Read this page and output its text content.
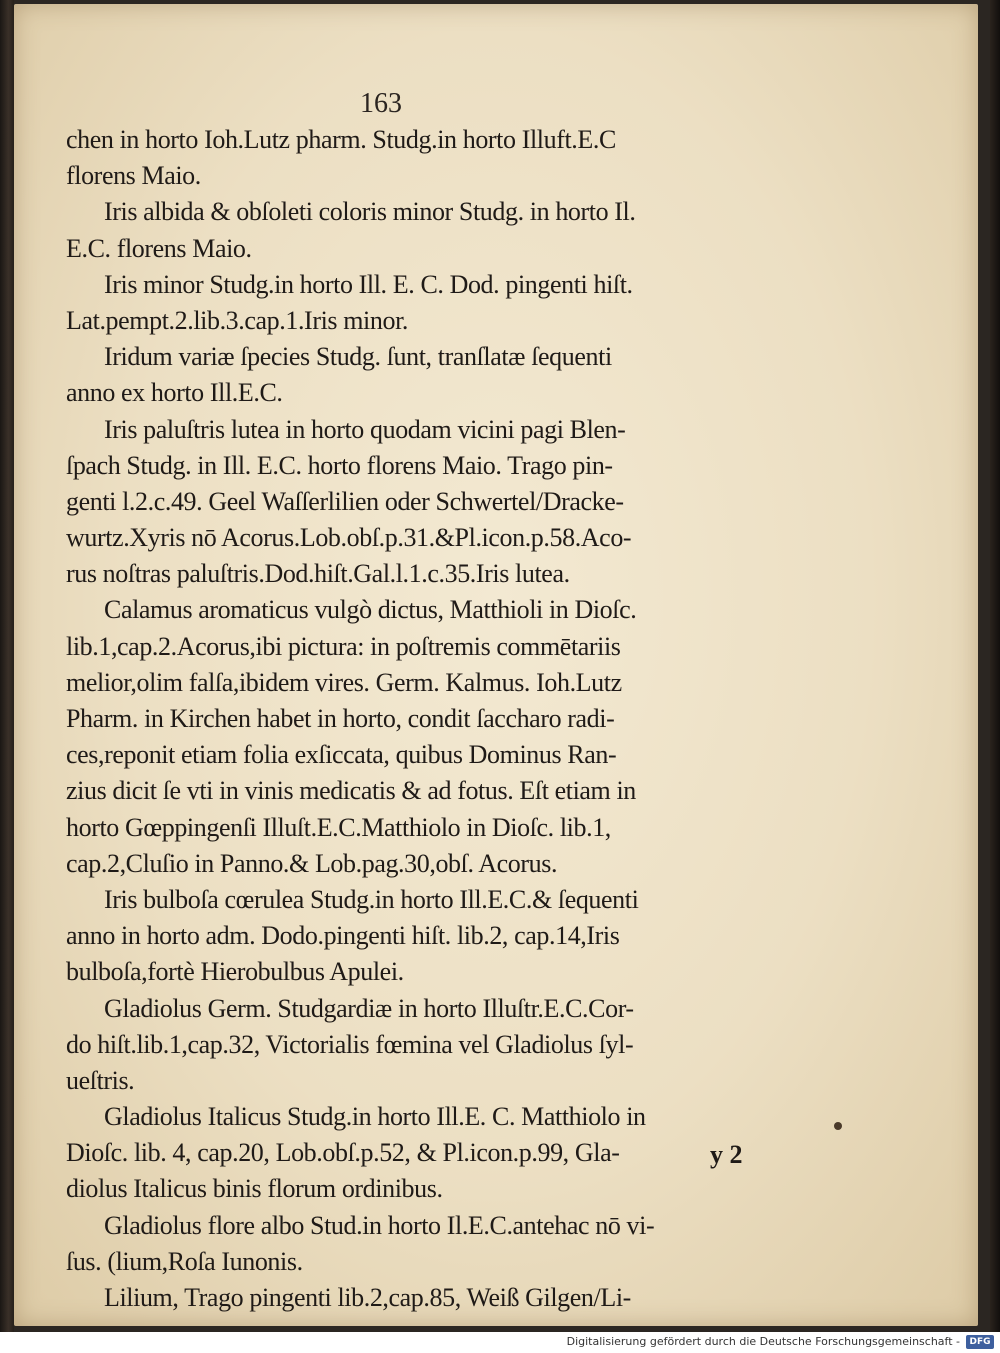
163
chen in horto Ioh.Lutz pharm. Studg.in horto Illuft.E.C
florens Maio.
Iris albida & obſoleti coloris minor Studg. in horto Il.
E.C. florens Maio.
Iris minor Studg.in horto Ill. E. C. Dod. pingenti hiſt.
Lat.pempt.2.lib.3.cap.1.Iris minor.
Iridum variæ ſpecies Studg. ſunt, tranſlatæ ſequenti
anno ex horto Ill.E.C.
Iris paluſtris lutea in horto quodam vicini pagi Blen-
ſpach Studg. in Ill. E.C. horto florens Maio. Trago pin-
genti l.2.c.49. Geel Waſſerlilien oder Schwertel/Dracke-
wurtz.Xyris nō Acorus.Lob.obſ.p.31.&Pl.icon.p.58.Aco-
rus noſtras paluſtris.Dod.hiſt.Gal.l.1.c.35.Iris lutea.
Calamus aromaticus vulgò dictus, Matthioli in Dioſc.
lib.1,cap.2.Acorus,ibi pictura: in poſtremis commētariis
melior,olim falſa,ibidem vires. Germ. Kalmus. Ioh.Lutz
Pharm. in Kirchen habet in horto, condit ſaccharo radi-
ces,reponit etiam folia exſiccata, quibus Dominus Ran-
zius dicit ſe vti in vinis medicatis & ad fotus. Eſt etiam in
horto Gœppingenſi Illuſt.E.C.Matthiolo in Dioſc. lib.1,
cap.2,Cluſio in Panno.& Lob.pag.30,obſ. Acorus.
Iris bulboſa cœrulea Studg.in horto Ill.E.C.& ſequenti
anno in horto adm. Dodo.pingenti hiſt. lib.2, cap.14,Iris
bulboſa,fortè Hierobulbus Apulei.
Gladiolus Germ. Studgardiæ in horto Illuſtr.E.C.Cor-
do hiſt.lib.1,cap.32, Victorialis fœmina vel Gladiolus ſyl-
ueſtris.
Gladiolus Italicus Studg.in horto Ill.E. C. Matthiolo in
Dioſc. lib. 4, cap.20, Lob.obſ.p.52, & Pl.icon.p.99, Gla-
diolus Italicus binis florum ordinibus.
Gladiolus flore albo Stud.in horto Il.E.C.antehac nō vi-
ſus. (lium,Roſa Iunonis.
Lilium, Trago pingenti lib.2,cap.85, Weiß Gilgen/Li-
y 2
Digitalisierung gefördert durch die Deutsche Forschungsgemeinschaft -	DFG
